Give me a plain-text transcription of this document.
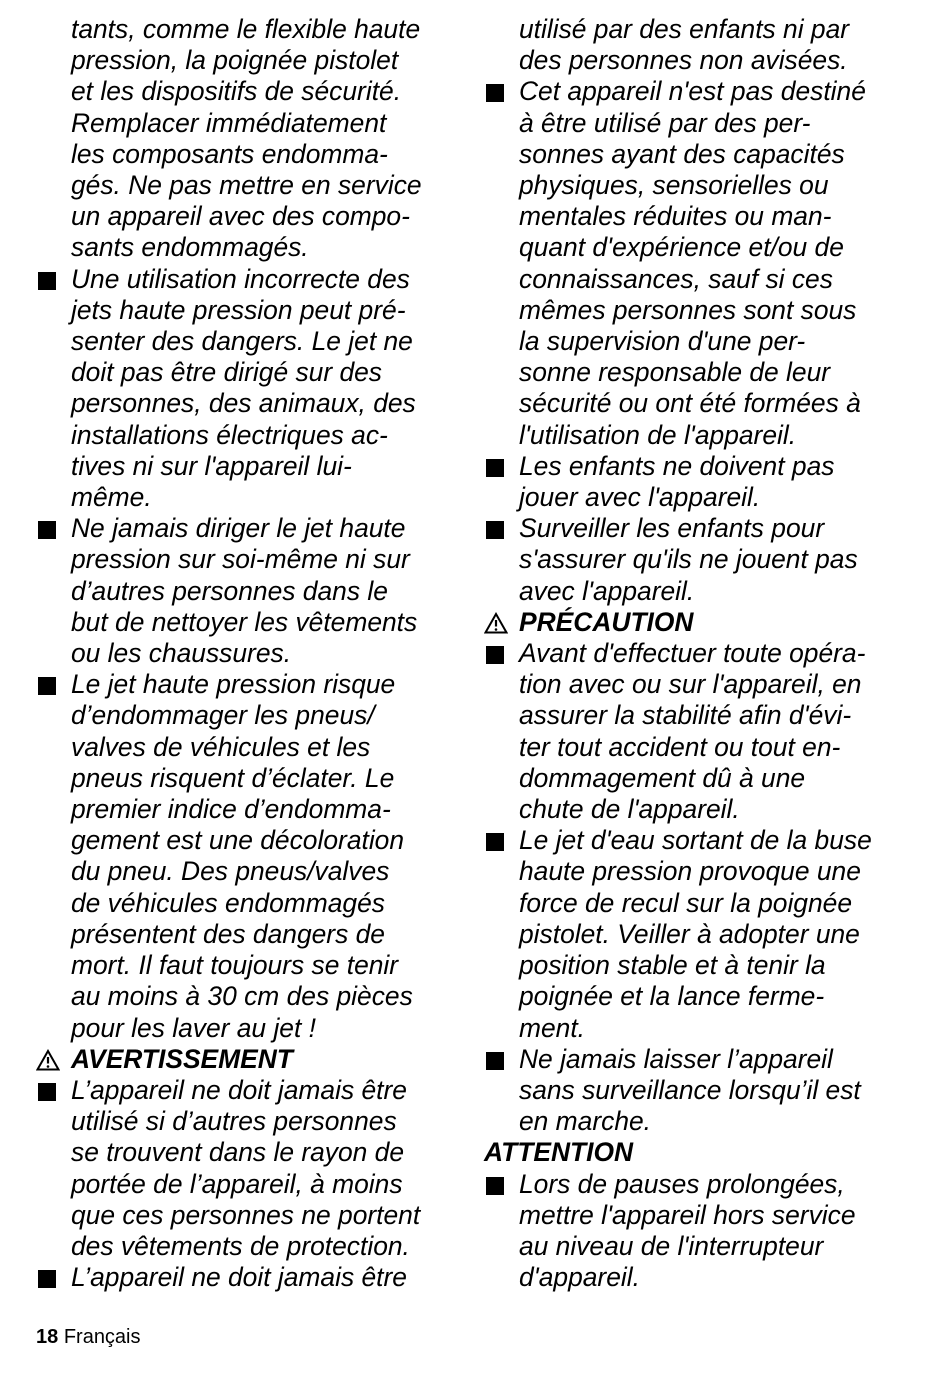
tants, comme le flexible haute
pression, la poignée pistolet
et les dispositifs de sécurité.
Remplacer immédiatement
les composants endomma-
gés. Ne pas mettre en service
un appareil avec des compo-
sants endommagés.

Une utilisation incorrecte des
jets haute pression peut pré-
senter des dangers. Le jet ne
doit pas être dirigé sur des
personnes, des animaux, des
installations électriques ac-
tives ni sur l'appareil lui-
même.

Ne jamais diriger le jet haute
pression sur soi-même ni sur
d’autres personnes dans le
but de nettoyer les vêtements
ou les chaussures.

Le jet haute pression risque
d’endommager les pneus/
valves de véhicules et les
pneus risquent d’éclater. Le
premier indice d’endomma-
gement est une décoloration
du pneu. Des pneus/valves
de véhicules endommagés
présentent des dangers de
mort. Il faut toujours se tenir
au moins à 30 cm des pièces
pour les laver au jet !

AVERTISSEMENT

L’appareil ne doit jamais être
utilisé si d’autres personnes
se trouvent dans le rayon de
portée de l’appareil, à moins
que ces personnes ne portent
des vêtements de protection.

L’appareil ne doit jamais être

utilisé par des enfants ni par
des personnes non avisées.

Cet appareil n'est pas destiné
à être utilisé par des per-
sonnes ayant des capacités
physiques, sensorielles ou
mentales réduites ou man-
quant d'expérience et/ou de
connaissances, sauf si ces
mêmes personnes sont sous
la supervision d'une per-
sonne responsable de leur
sécurité ou ont été formées à
l'utilisation de l'appareil.

Les enfants ne doivent pas
jouer avec l'appareil.

Surveiller les enfants pour
s'assurer qu'ils ne jouent pas
avec l'appareil.

PRÉCAUTION

Avant d'effectuer toute opéra-
tion avec ou sur l'appareil, en
assurer la stabilité afin d'évi-
ter tout accident ou tout en-
dommagement dû à une
chute de l'appareil.

Le jet d'eau sortant de la buse
haute pression provoque une
force de recul sur la poignée
pistolet. Veiller à adopter une
position stable et à tenir la
poignée et la lance ferme-
ment.

Ne jamais laisser l’appareil
sans surveillance lorsqu’il est
en marche.

ATTENTION

Lors de pauses prolongées,
mettre l'appareil hors service
au niveau de l'interrupteur
d'appareil.

18 Français
